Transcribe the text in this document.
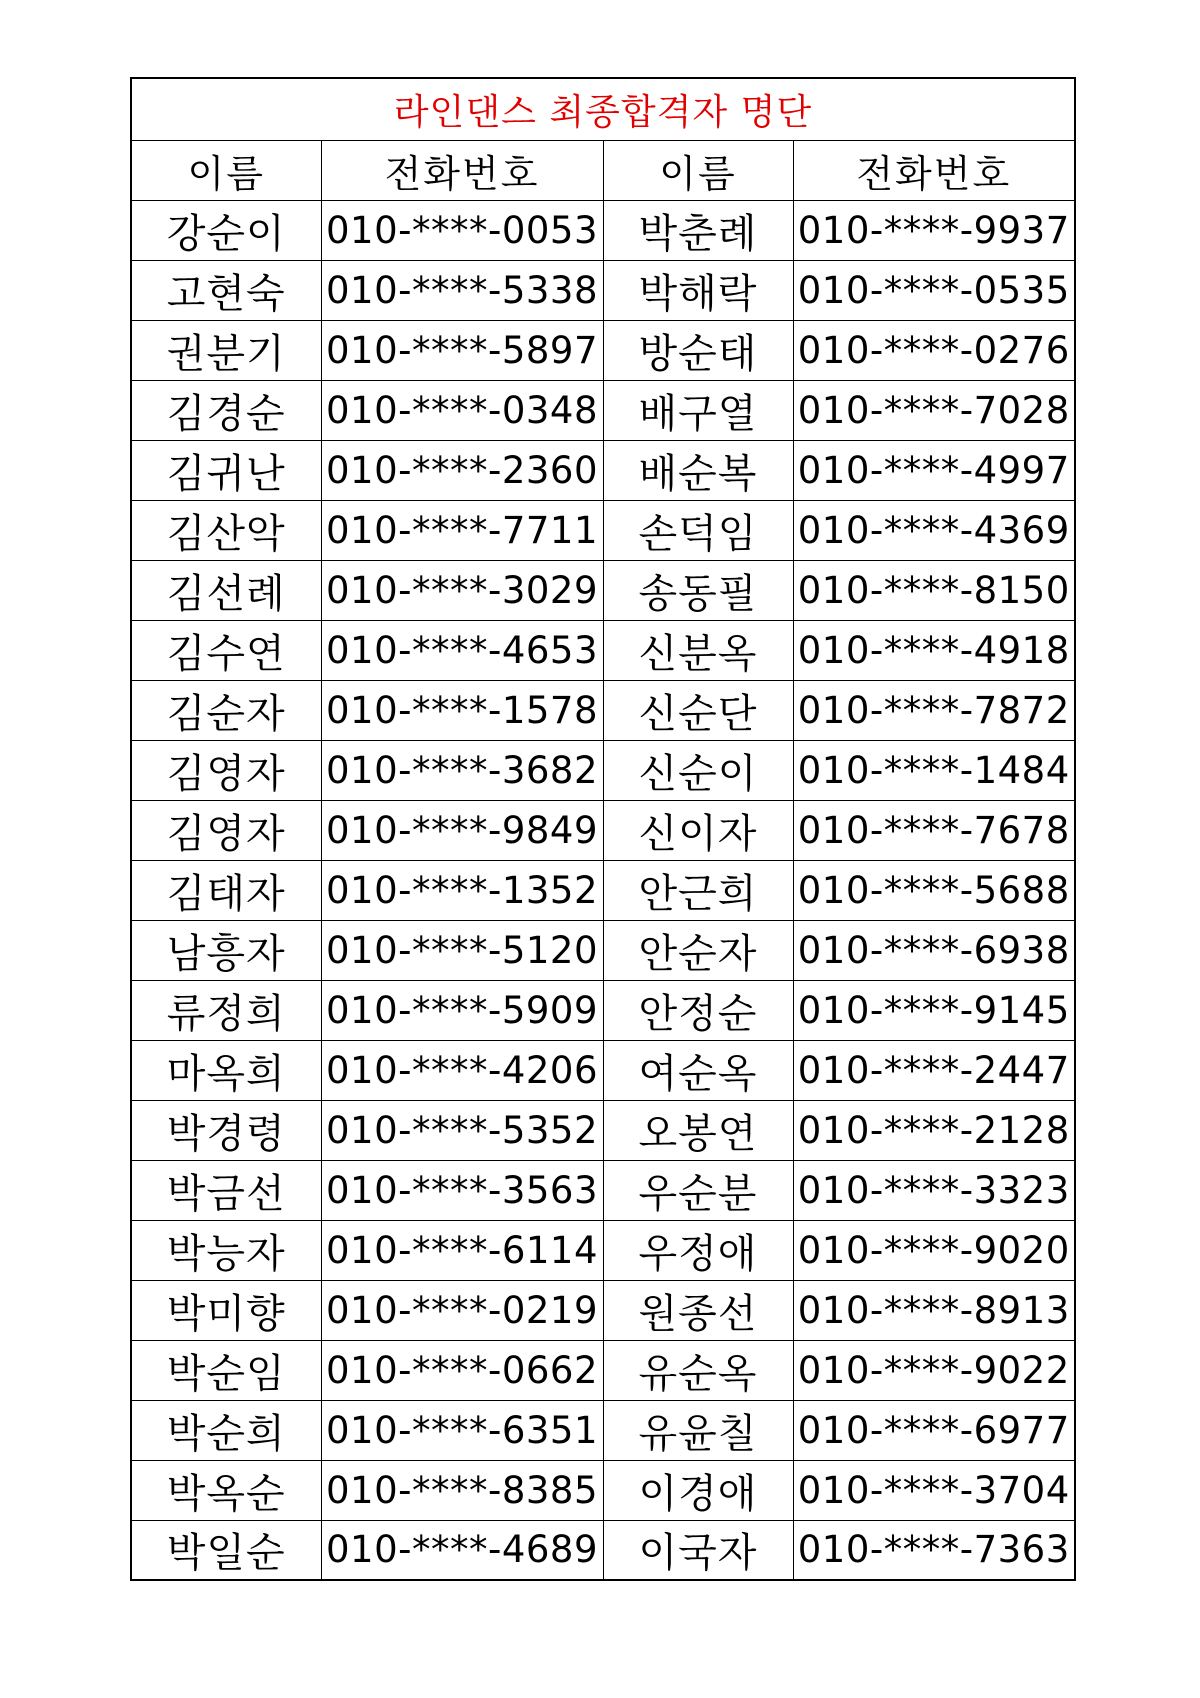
라인댄스 최종합격자 명단			
이름	전화번호	이름	전화번호
강순이	010-****-0053	박춘례	010-****-9937
고현숙	010-****-5338	박해락	010-****-0535
권분기	010-****-5897	방순태	010-****-0276
김경순	010-****-0348	배구열	010-****-7028
김귀난	010-****-2360	배순복	010-****-4997
김산악	010-****-7711	손덕임	010-****-4369
김선례	010-****-3029	송동필	010-****-8150
김수연	010-****-4653	신분옥	010-****-4918
김순자	010-****-1578	신순단	010-****-7872
김영자	010-****-3682	신순이	010-****-1484
김영자	010-****-9849	신이자	010-****-7678
김태자	010-****-1352	안근희	010-****-5688
남흥자	010-****-5120	안순자	010-****-6938
류정희	010-****-5909	안정순	010-****-9145
마옥희	010-****-4206	여순옥	010-****-2447
박경령	010-****-5352	오봉연	010-****-2128
박금선	010-****-3563	우순분	010-****-3323
박능자	010-****-6114	우정애	010-****-9020
박미향	010-****-0219	원종선	010-****-8913
박순임	010-****-0662	유순옥	010-****-9022
박순희	010-****-6351	유윤칠	010-****-6977
박옥순	010-****-8385	이경애	010-****-3704
박일순	010-****-4689	이국자	010-****-7363
